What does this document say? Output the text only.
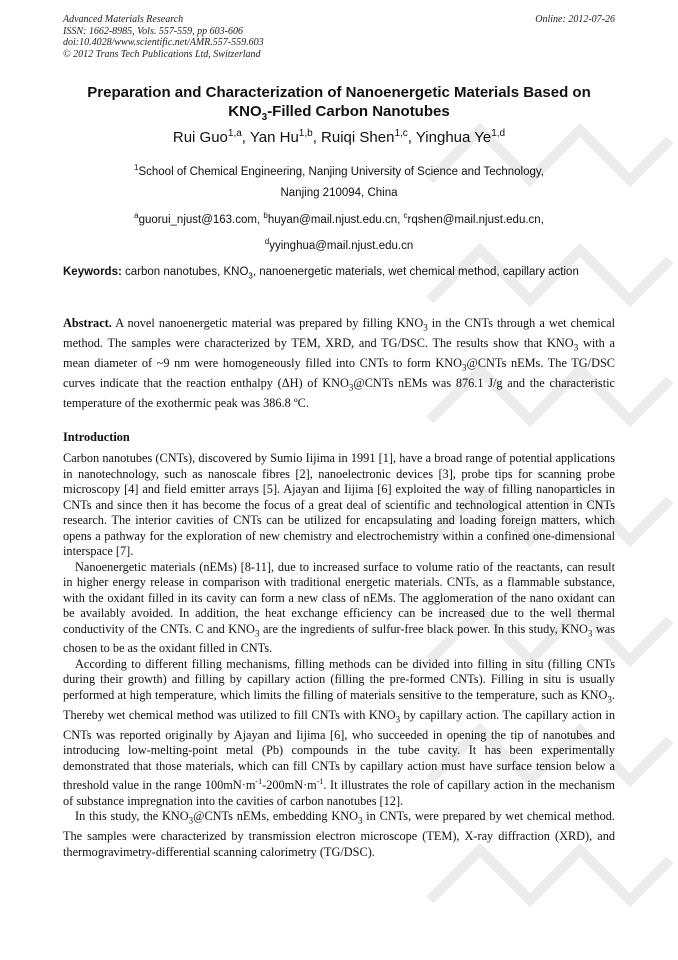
Advanced Materials Research
ISSN: 1662-8985, Vols. 557-559, pp 603-606
doi:10.4028/www.scientific.net/AMR.557-559.603
© 2012 Trans Tech Publications Ltd, Switzerland
Online: 2012-07-26
Preparation and Characterization of Nanoenergetic Materials Based on
$KNO_3$-Filled Carbon Nanotubes
Rui Guo$^{1,a}$, Yan Hu$^{1,b}$, Ruiqi Shen$^{1,c}$, Yinghua Ye$^{1,d}$
$^1$School of Chemical Engineering, Nanjing University of Science and Technology,
Nanjing 210094, China
$^a$guorui_njust@163.com, $^b$huyan@mail.njust.edu.cn, $^c$rqshen@mail.njust.edu.cn,
$^d$yyinghua@mail.njust.edu.cn
Keywords: carbon nanotubes, $KNO_3$, nanoenergetic materials, wet chemical method, capillary action
Abstract. A novel nanoenergetic material was prepared by filling $KNO_3$ in the CNTs through a wet chemical method. The samples were characterized by TEM, XRD, and TG/DSC. The results show that $KNO_3$ with a mean diameter of ~9 nm were homogeneously filled into CNTs to form $KNO_3@CNTs$ nEMs. The TG/DSC curves indicate that the reaction enthalpy (ΔH) of $KNO_3@CNTs$ nEMs was 876.1 J/g and the characteristic temperature of the exothermic peak was 386.8 ºC.
Introduction

Carbon nanotubes (CNTs), discovered by Sumio Iijima in 1991 [1], have a broad range of potential applications in nanotechnology, such as nanoscale fibres [2], nanoelectronic devices [3], probe tips for scanning probe microscopy [4] and field emitter arrays [5]. Ajayan and Iijima [6] exploited the way of filling nanoparticles in CNTs and since then it has become the focus of a great deal of scientific and technological attention in CNTs research. The interior cavities of CNTs can be utilized for encapsulating and loading foreign matters, which opens a pathway for the exploration of new chemistry and electrochemistry within a confined one-dimensional interspace [7].

Nanoenergetic materials (nEMs) [8-11], due to increased surface to volume ratio of the reactants, can result in higher energy release in comparison with traditional energetic materials. CNTs, as a flammable substance, with the oxidant filled in its cavity can form a new class of nEMs. The agglomeration of the nano oxidant can be availably avoided. In addition, the heat exchange efficiency can be increased due to the well thermal conductivity of the CNTs. C and $KNO_3$ are the ingredients of sulfur-free black power. In this study, $KNO_3$ was chosen to be as the oxidant filled in CNTs.

According to different filling mechanisms, filling methods can be divided into filling in situ (filling CNTs during their growth) and filling by capillary action (filling the pre-formed CNTs). Filling in situ is usually performed at high temperature, which limits the filling of materials sensitive to the temperature, such as $KNO_3$. Thereby wet chemical method was utilized to fill CNTs with $KNO_3$ by capillary action. The capillary action in CNTs was reported originally by Ajayan and Iijima [6], who succeeded in opening the tip of nanotubes and introducing low-melting-point metal (Pb) compounds in the tube cavity. It has been experimentally demonstrated that those materials, which can fill CNTs by capillary action must have surface tension below a threshold value in the range $100mN\cdot m^{-1}-200mN\cdot m^{-1}$. It illustrates the role of capillary action in the mechanism of substance impregnation into the cavities of carbon nanotubes [12].

In this study, the $KNO_3@CNTs$ nEMs, embedding $KNO_3$ in CNTs, were prepared by wet chemical method. The samples were characterized by transmission electron microscope (TEM), X-ray diffraction (XRD), and thermogravimetry-differential scanning calorimetry (TG/DSC).
